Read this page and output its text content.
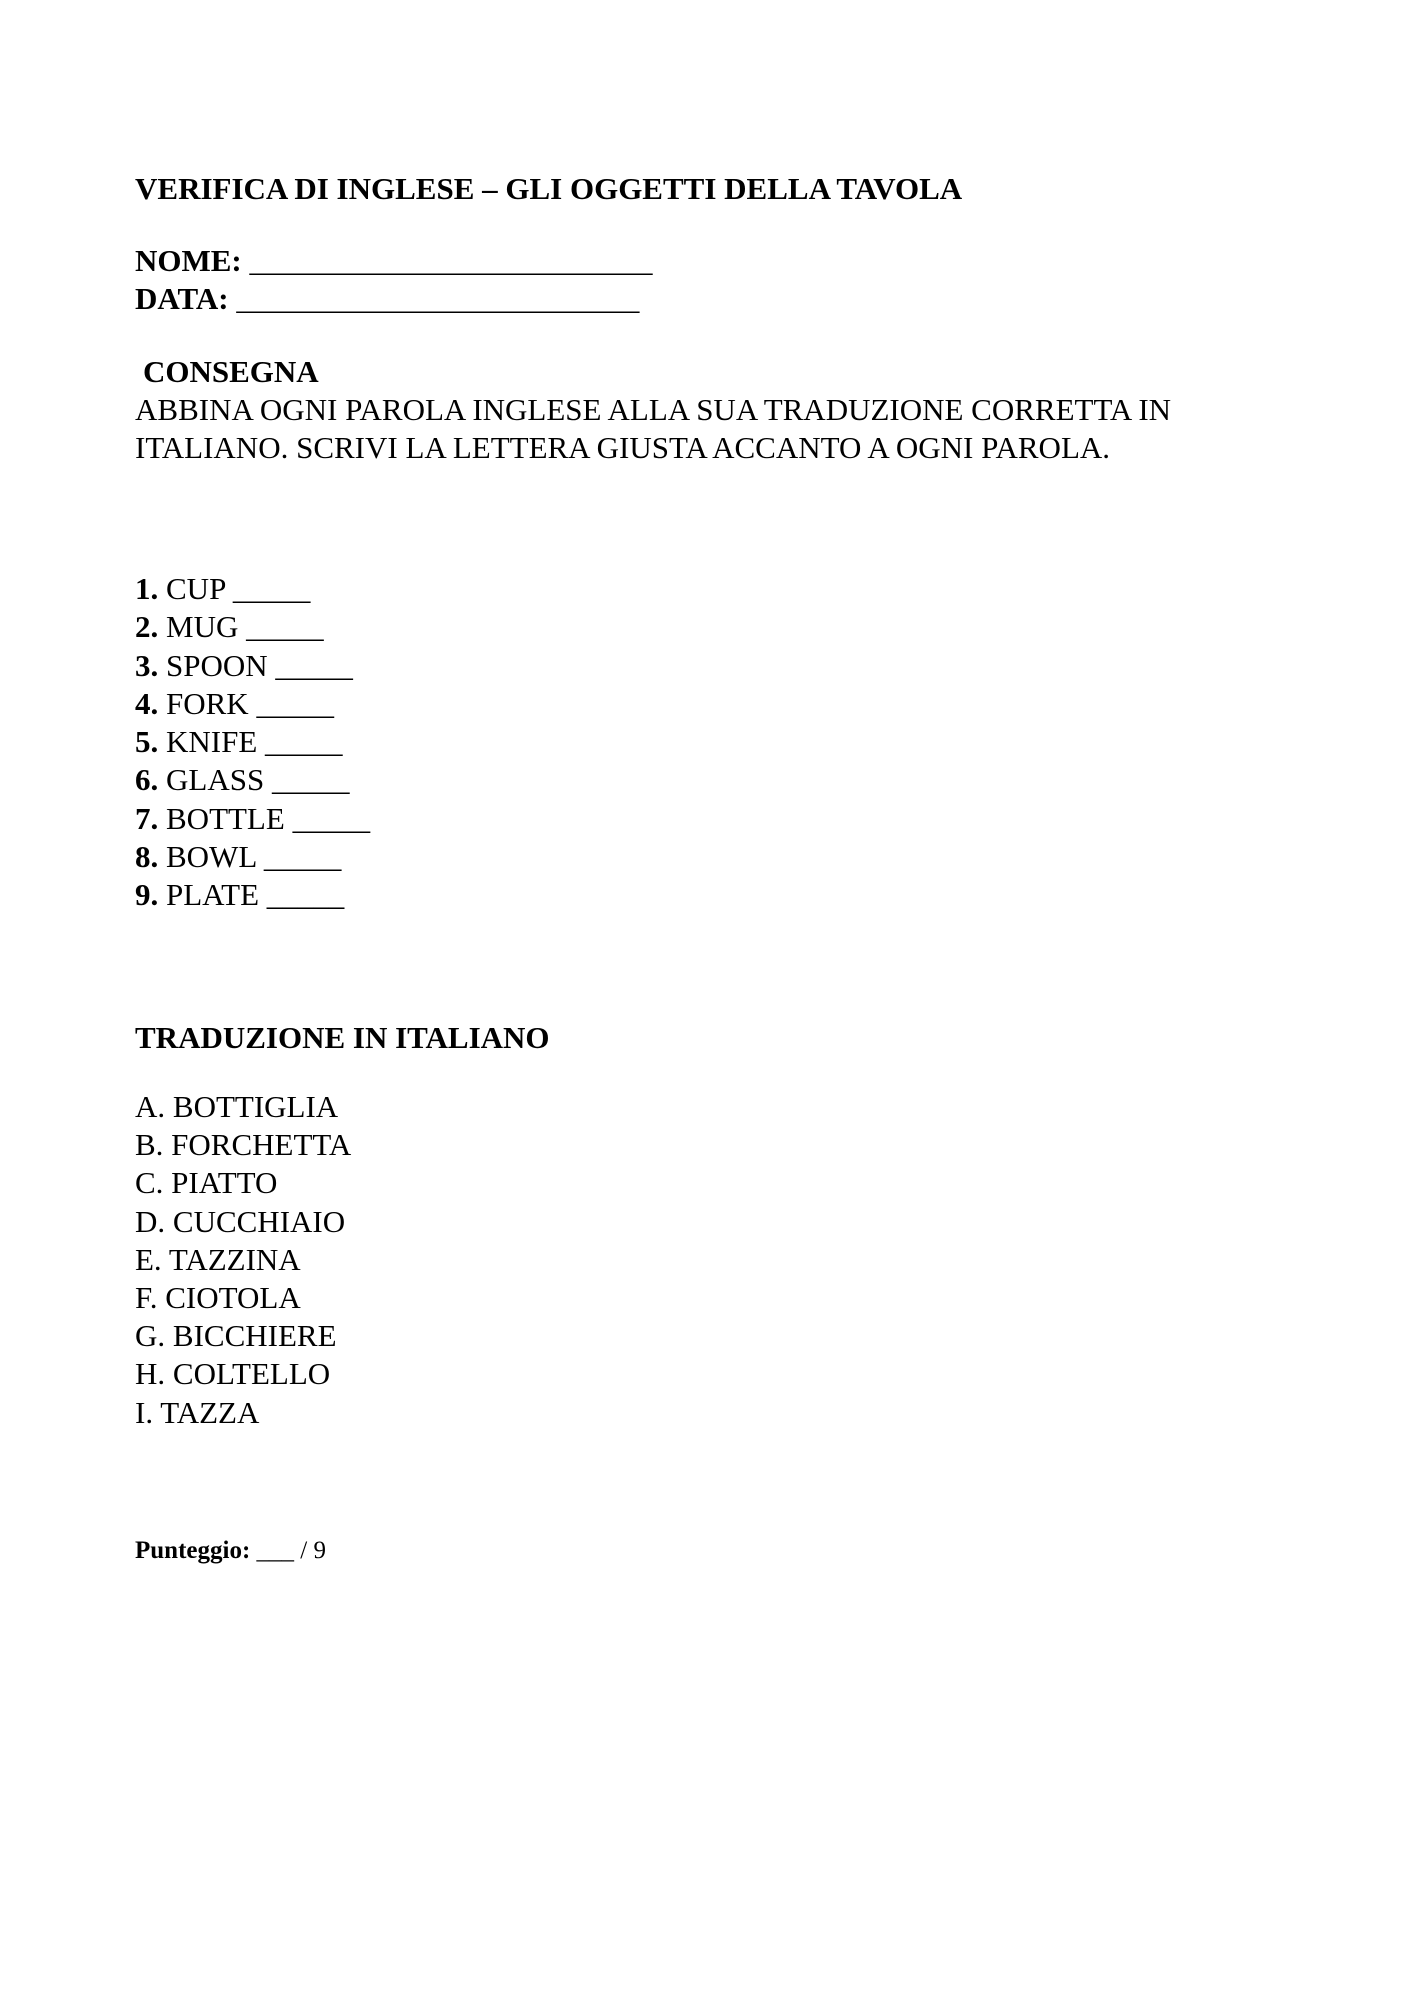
VERIFICA DI INGLESE – GLI OGGETTI DELLA TAVOLA
NOME: __________________________
DATA: __________________________
CONSEGNA
ABBINA OGNI PAROLA INGLESE ALLA SUA TRADUZIONE CORRETTA IN
ITALIANO. SCRIVI LA LETTERA GIUSTA ACCANTO A OGNI PAROLA.
1. CUP _____
2. MUG _____
3. SPOON _____
4. FORK _____
5. KNIFE _____
6. GLASS _____
7. BOTTLE _____
8. BOWL _____
9. PLATE _____
TRADUZIONE IN ITALIANO
A. BOTTIGLIA
B. FORCHETTA
C. PIATTO
D. CUCCHIAIO
E. TAZZINA
F. CIOTOLA
G. BICCHIERE
H. COLTELLO
I. TAZZA
Punteggio: ___ / 9
